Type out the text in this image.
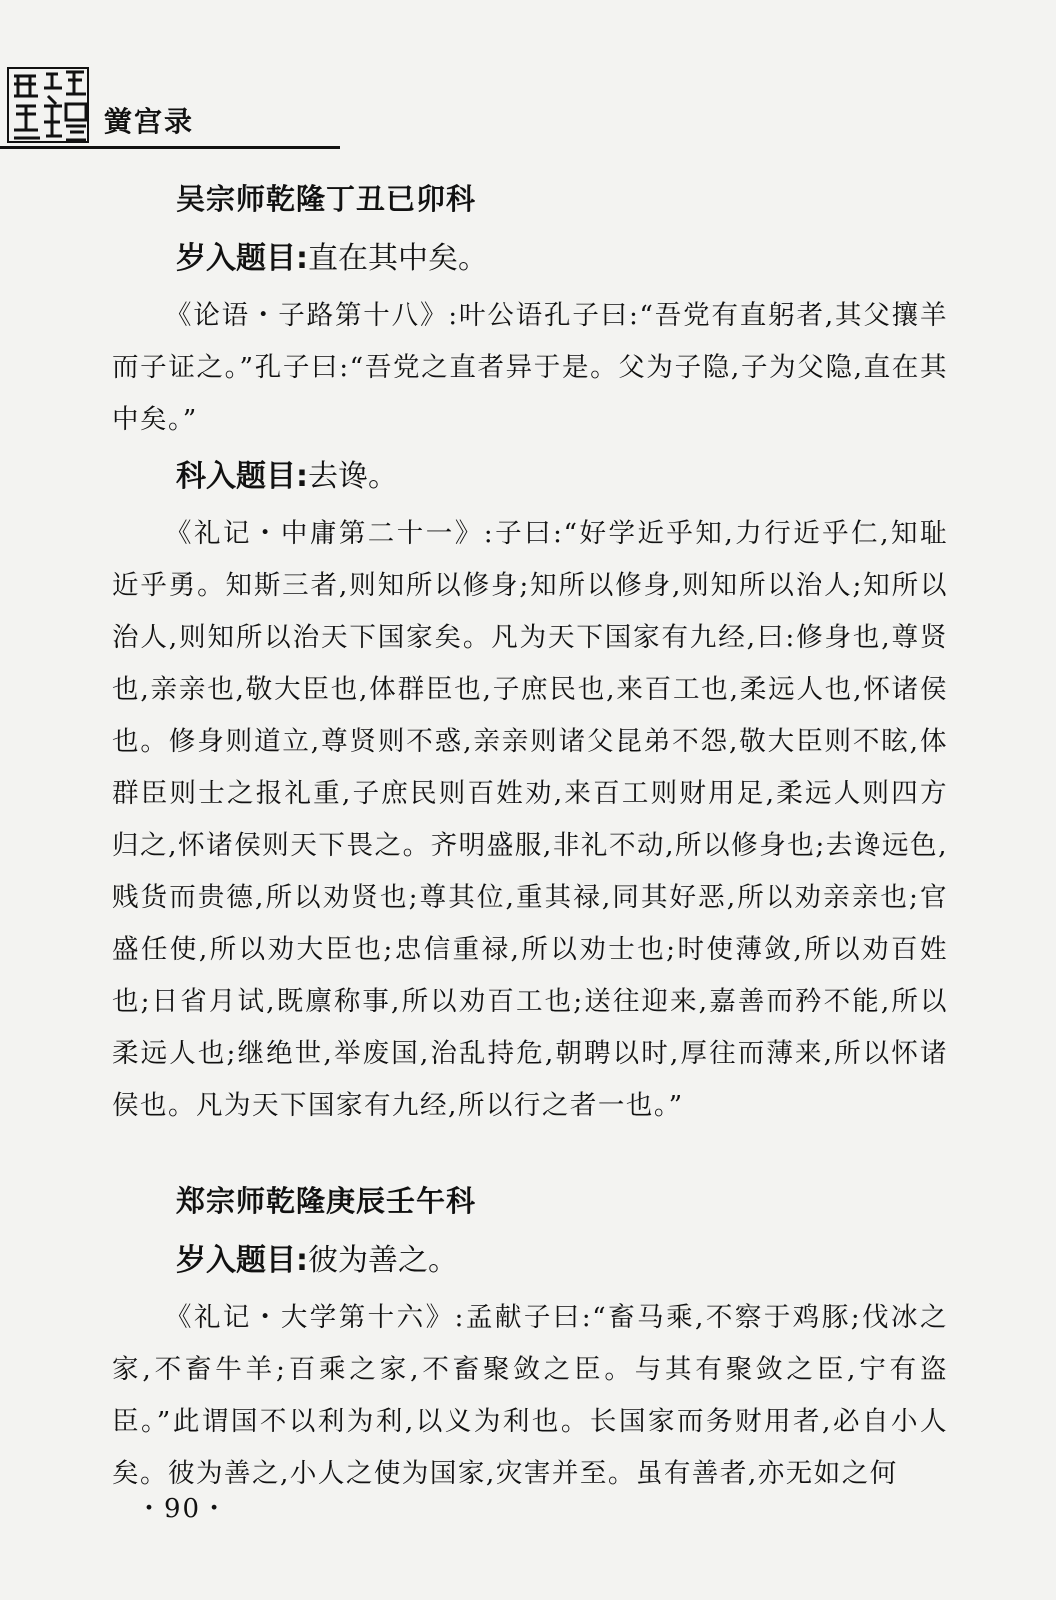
黉宫录
吴宗师乾隆丁丑已卯科
岁入题目:直在其中矣。

《论语・子路第十八》:叶公语孔子曰:“吾党有直躬者,其父攘羊而子证之。”孔子曰:“吾党之直者异于是。父为子隐,子为父隐,直在其中矣。”

科入题目:去谗。

《礼记・中庸第二十一》:子曰:“好学近乎知,力行近乎仁,知耻近乎勇。知斯三者,则知所以修身;知所以修身,则知所以治人;知所以治人,则知所以治天下国家矣。凡为天下国家有九经,曰:修身也,尊贤也,亲亲也,敬大臣也,体群臣也,子庶民也,来百工也,柔远人也,怀诸侯也。修身则道立,尊贤则不惑,亲亲则诸父昆弟不怨,敬大臣则不眩,体群臣则士之报礼重,子庶民则百姓劝,来百工则财用足,柔远人则四方归之,怀诸侯则天下畏之。齐明盛服,非礼不动,所以修身也;去谗远色,贱货而贵德,所以劝贤也;尊其位,重其禄,同其好恶,所以劝亲亲也;官盛任使,所以劝大臣也;忠信重禄,所以劝士也;时使薄敛,所以劝百姓也;日省月试,既廪称事,所以劝百工也;送往迎来,嘉善而矜不能,所以柔远人也;继绝世,举废国,治乱持危,朝聘以时,厚往而薄来,所以怀诸侯也。凡为天下国家有九经,所以行之者一也。”

郑宗师乾隆庚辰壬午科
岁入题目:彼为善之。

《礼记・大学第十六》:孟献子曰:“畜马乘,不察于鸡豚;伐冰之家,不畜牛羊;百乘之家,不畜聚敛之臣。与其有聚敛之臣,宁有盗臣。”此谓国不以利为利,以义为利也。长国家而务财用者,必自小人矣。彼为善之,小人之使为国家,灾害并至。虽有善者,亦无如之何

・90・
